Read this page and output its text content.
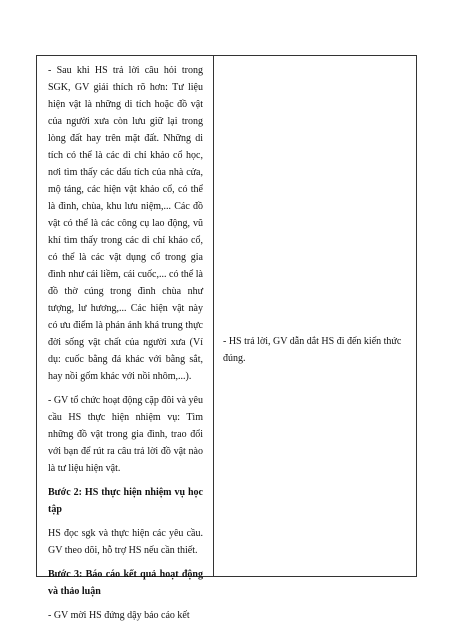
- Sau khi HS trả lời câu hỏi trong SGK, GV giải thích rõ hơn: Tư liệu hiện vật là những di tích hoặc đồ vật của người xưa còn lưu giữ lại trong lòng đất hay trên mặt đất. Những di tích có thể là các di chỉ khảo cổ học, nơi tìm thấy các dấu tích của nhà cửa, mộ táng, các hiện vật khảo cổ, có thể là đình, chùa, khu lưu niệm,... Các đồ vật có thể là các công cụ lao động, vũ khí tìm thấy trong các di chỉ khảo cổ, có thể là các vật dụng cổ trong gia đình như cái liềm, cái cuốc,... có thể là đồ thờ cúng trong đình chùa như tượng, lư hương,... Các hiện vật này có ưu điểm là phản ánh khá trung thực đời sống vật chất của người xưa (Ví dụ: cuốc bằng đá khác với bằng sắt, hay nồi gốm khác với nồi nhôm,...).

- GV tổ chức hoạt động cặp đôi và yêu cầu HS thực hiện nhiệm vụ: Tìm những đồ vật trong gia đình, trao đổi với bạn để rút ra câu trả lời đồ vật nào là tư liệu hiện vật.

Bước 2: HS thực hiện nhiệm vụ học tập

HS đọc sgk và thực hiện các yêu cầu. GV theo dõi, hỗ trợ HS nếu cần thiết.

Bước 3: Báo cáo kết quả hoạt động và thảo luận

- GV mời HS đứng dậy báo cáo kết

- HS trả lời, GV dẫn dắt HS đi đến kiến thức đúng.
